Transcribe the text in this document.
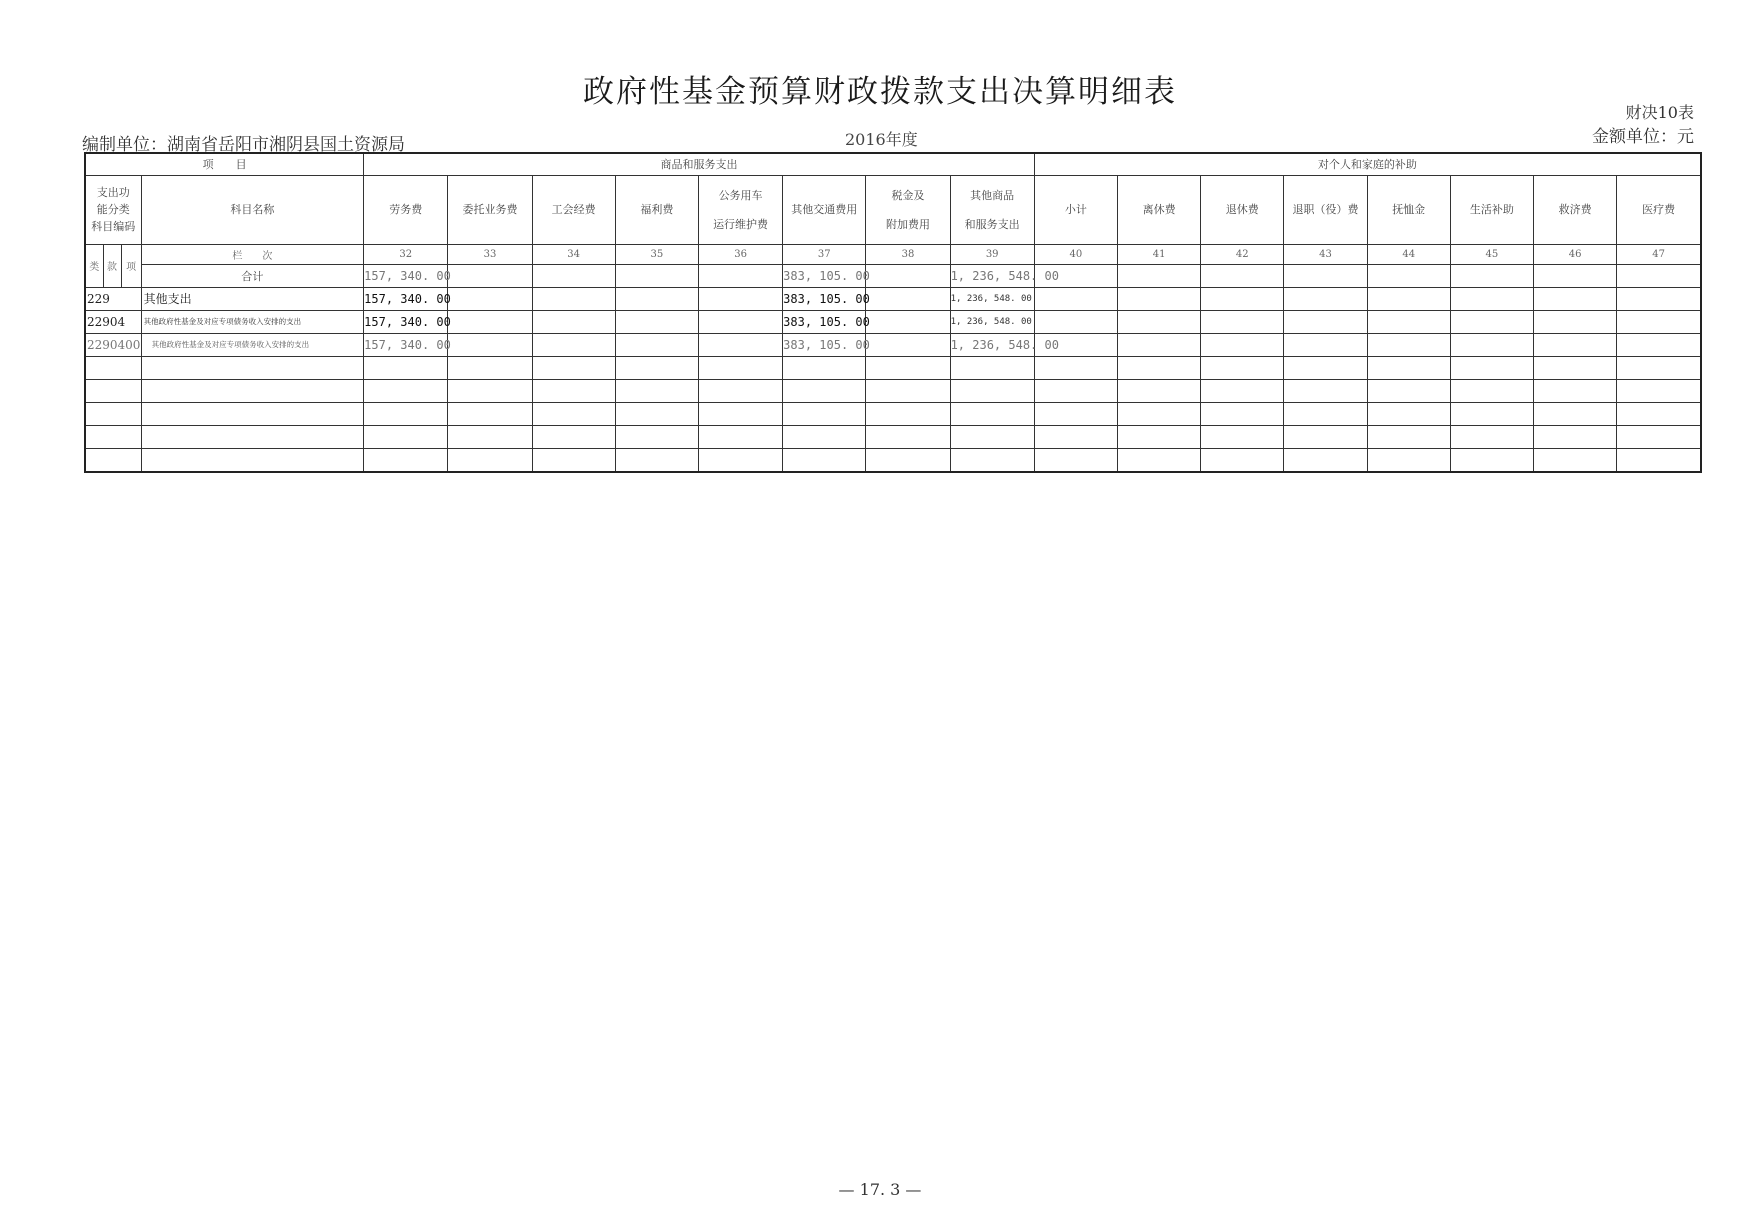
政府性基金预算财政拨款支出决算明细表
财决10表
金额单位：元
编制单位：湖南省岳阳市湘阴县国土资源局	2016年度
项　　目				商品和服务支出								对个人和家庭的补助							

支出功
能分类
科目编码			科目名称	劳务费	委托业务费	工会经费	福利费	公务用车
运行维护费	其他交通费用	税金及
附加费用	其他商品
和服务支出	小计	离休费	退休费	退职（役）费	抚恤金	生活补助	救济费	医疗费
类	款	项	栏　　次	32	33	34	35	36	37	38	39	40	41	42	43	44	45	46	47
			合计	157, 340. 00					383, 105. 00		1, 236, 548. 00								
229			其他支出	157, 340. 00					383, 105. 00		1, 236, 548. 00								
22904			其他政府性基金及对应专项债务收入安排的支出	157, 340. 00					383, 105. 00		1, 236, 548. 00								
2290400			其他政府性基金及对应专项债务收入安排的支出	157, 340. 00					383, 105. 00		1, 236, 548. 00								

— 17. 3 —
